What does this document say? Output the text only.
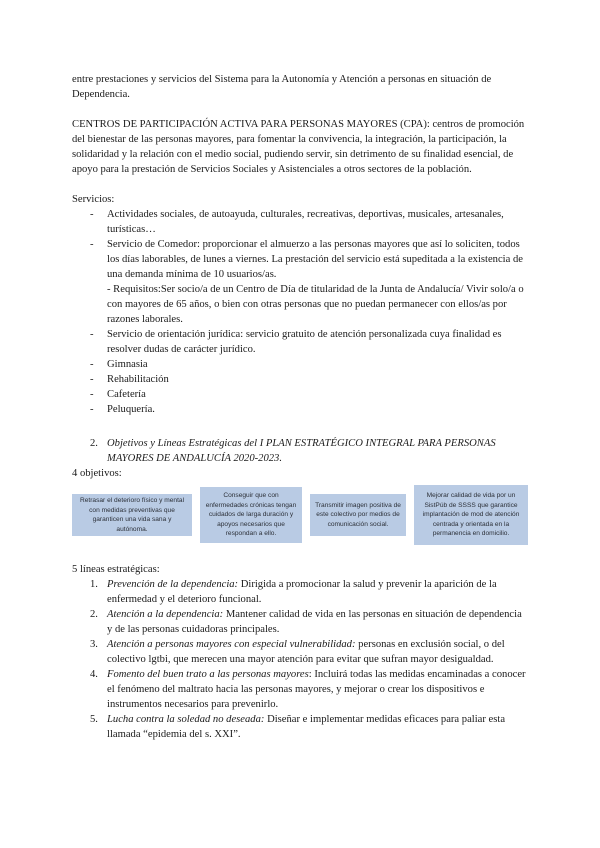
entre prestaciones y servicios del Sistema para la Autonomía y Atención a personas en situación de Dependencia.

CENTROS DE PARTICIPACIÓN ACTIVA PARA PERSONAS MAYORES (CPA): centros de promoción del bienestar de las personas mayores, para fomentar la convivencia, la integración, la participación, la solidaridad y la relación con el medio social, pudiendo servir, sin detrimento de su finalidad esencial, de apoyo para la prestación de Servicios Sociales y Asistenciales a otros sectores de la población.

Servicios:

- Actividades sociales, de autoayuda, culturales, recreativas, deportivas, musicales, artesanales, turísticas…
- Servicio de Comedor: proporcionar el almuerzo a las personas mayores que así lo soliciten, todos los días laborables, de lunes a viernes. La prestación del servicio está supeditada a la existencia de una demanda mínima de 10 usuarios/as.
- Requisitos:Ser socio/a de un Centro de Día de titularidad de la Junta de Andalucía/ Vivir solo/a o con mayores de 65 años, o bien con otras personas que no puedan permanecer con ellos/as por razones laborales.
- Servicio de orientación jurídica: servicio gratuito de atención personalizada cuya finalidad es resolver dudas de carácter jurídico.
- Gimnasia
- Rehabilitación
- Cafetería
- Peluquería.

2. Objetivos y Líneas Estratégicas del I PLAN ESTRATÉGICO INTEGRAL PARA PERSONAS MAYORES DE ANDALUCÍA 2020-2023.

4 objetivos:

Retrasar el deterioro físico y mental con medidas preventivas que garanticen una vida sana y autónoma.
Conseguir que con enfermedades crónicas tengan cuidados de larga duración y apoyos necesarios que respondan a ello.
Transmitir imagen positiva de este colectivo por medios de comunicación social.
Mejorar calidad de vida por un SistPúb de SSSS que garantice implantación de mod de atención centrada y orientada en la permanencia en domicilio.

5 líneas estratégicas:

1. Prevención de la dependencia: Dirigida a promocionar la salud y prevenir la aparición de la enfermedad y el deterioro funcional.
2. Atención a la dependencia: Mantener calidad de vida en las personas en situación de dependencia y de las personas cuidadoras principales.
3. Atención a personas mayores con especial vulnerabilidad: personas en exclusión social, o del colectivo lgtbi, que merecen una mayor atención para evitar que sufran mayor desigualdad.
4. Fomento del buen trato a las personas mayores: Incluirá todas las medidas encaminadas a conocer el fenómeno del maltrato hacia las personas mayores, y mejorar o crear los dispositivos e instrumentos necesarios para prevenirlo.
5. Lucha contra la soledad no deseada: Diseñar e implementar medidas eficaces para paliar esta llamada “epidemia del s. XXI”.
